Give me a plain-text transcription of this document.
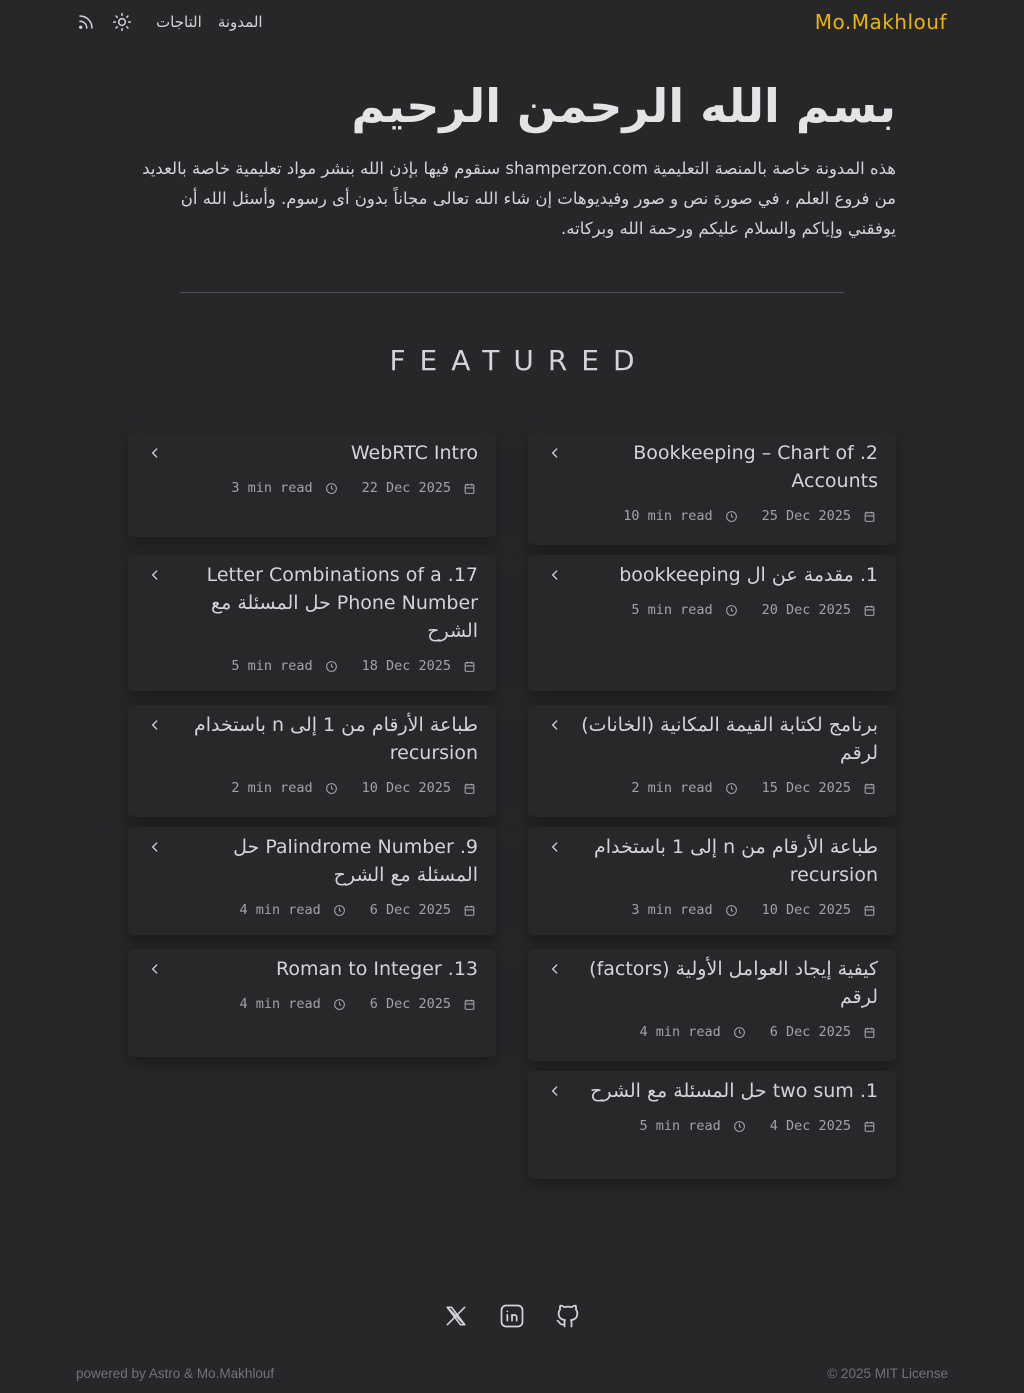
التاجات المدونة	Mo.Makhlouf
بسم الله الرحمن الرحيم

هذه المدونة خاصة بالمنصة التعليمية shamperzon.com سنقوم فيها بإذن الله بنشر مواد تعليمية خاصة بالعديد من فروع العلم ، في صورة نص و صور وفيديوهات إن شاء الله تعالى مجاناً بدون أى رسوم. وأسئل الله أن يوفقني وإياكم والسلام عليكم ورحمة الله وبركاته.

FEATURED
2. Bookkeeping – Chart of Accounts
10 min read	25 Dec 2025
WebRTC Intro
3 min read	22 Dec 2025
1. مقدمة عن ال bookkeeping
5 min read	20 Dec 2025
17. Letter Combinations of a Phone Number حل المسئلة مع الشرح
5 min read	18 Dec 2025
برنامج لكتابة القيمة المكانية (الخانات) لرقم
2 min read	15 Dec 2025
طباعة الأرقام من 1 إلى n باستخدام recursion
2 min read	10 Dec 2025
طباعة الأرقام من n إلى 1 باستخدام recursion
3 min read	10 Dec 2025
9. Palindrome Number حل المسئلة مع الشرح
4 min read	6 Dec 2025
كيفية إيجاد العوامل الأولية (factors) لرقم
4 min read	6 Dec 2025
13. Roman to Integer
4 min read	6 Dec 2025
1. two sum حل المسئلة مع الشرح
5 min read	4 Dec 2025
powered by Astro & Mo.Makhlouf	© 2025 MIT License
